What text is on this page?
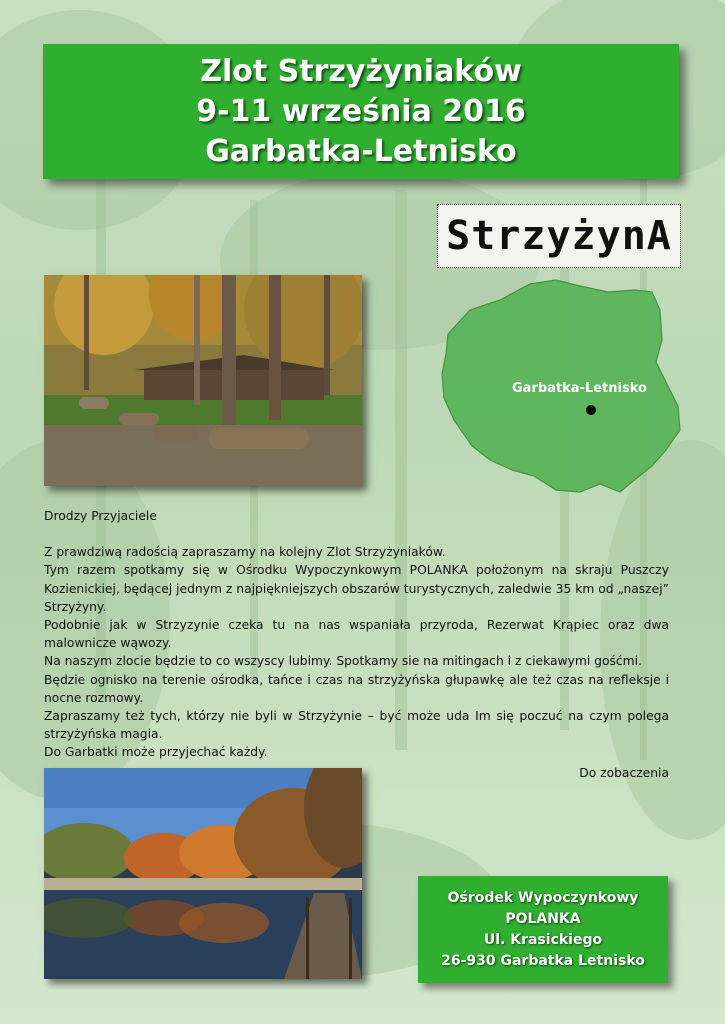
Zlot Strzyżyniaków
9-11 września 2016
Garbatka-Letnisko
StrzyżynA
Garbatka-Letnisko

Drodzy Przyjaciele

Z prawdziwą radością zapraszamy na kolejny Zlot Strzyżyniaków.

Tym razem spotkamy się w Ośrodku Wypoczynkowym POLANKA położonym na skraju Puszczy Kozienickiej, będącej jednym z najpiękniejszych obszarów turystycznych, zaledwie 35 km od „naszej” Strzyżyny.

Podobnie jak w Strzyzynie czeka tu na nas wspaniała przyroda, Rezerwat Krąpiec oraz dwa malownicze wąwozy.

Na naszym zlocie będzie to co wszyscy lubimy. Spotkamy sie na mitingach i z ciekawymi gośćmi.

Będzie ognisko na terenie ośrodka, tańce i czas na strzyżyńska głupawkę ale też czas na refleksje i nocne rozmowy.

Zapraszamy też tych, którzy nie byli w Strzyżynie – być może uda Im się poczuć na czym polega strzyżyńska magia.

Do Garbatki może przyjechać każdy.

Do zobaczenia

Ośrodek Wypoczynkowy
POLANKA
Ul. Krasickiego
26-930 Garbatka Letnisko
